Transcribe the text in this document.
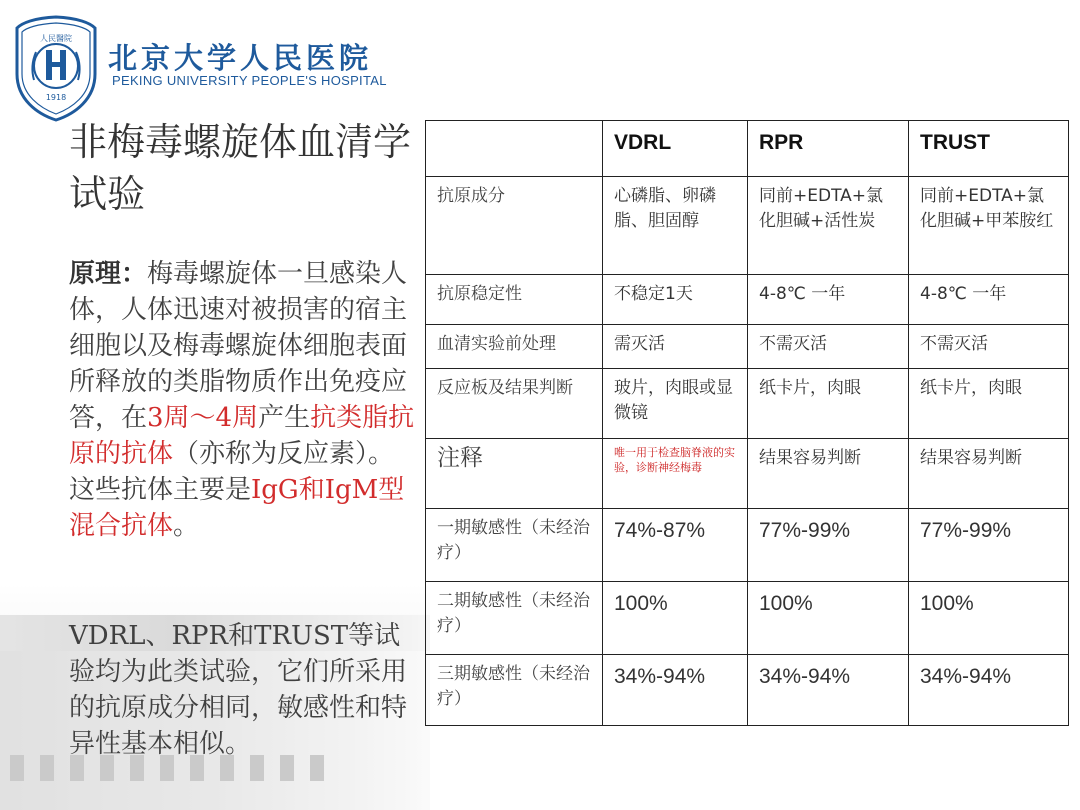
人民醫院
1918
北京大学人民医院
PEKING UNIVERSITY PEOPLE'S HOSPITAL
非梅毒螺旋体血清学试验
原理：梅毒螺旋体一旦感染人体，人体迅速对被损害的宿主细胞以及梅毒螺旋体细胞表面所释放的类脂物质作出免疫应答，在3周～4周产生抗类脂抗原的抗体（亦称为反应素）。这些抗体主要是IgG和IgM型混合抗体。
VDRL、RPR和TRUST等试验均为此类试验，它们所采用的抗原成分相同，敏感性和特异性基本相似。
	VDRL	RPR	TRUST
抗原成分	心磷脂、卵磷脂、胆固醇	同前+EDTA+氯化胆碱+活性炭	同前+EDTA+氯化胆碱+甲苯胺红
抗原稳定性	不稳定1天	4-8℃ 一年	4-8℃ 一年
血清实验前处理	需灭活	不需灭活	不需灭活
反应板及结果判断	玻片，肉眼或显微镜	纸卡片，肉眼	纸卡片，肉眼
注释	唯一用于检查脑脊液的实验，诊断神经梅毒	结果容易判断	结果容易判断
一期敏感性（未经治疗）	74%-87%	77%-99%	77%-99%
二期敏感性（未经治疗）	100%	100%	100%
三期敏感性（未经治疗）	34%-94%	34%-94%	34%-94%
